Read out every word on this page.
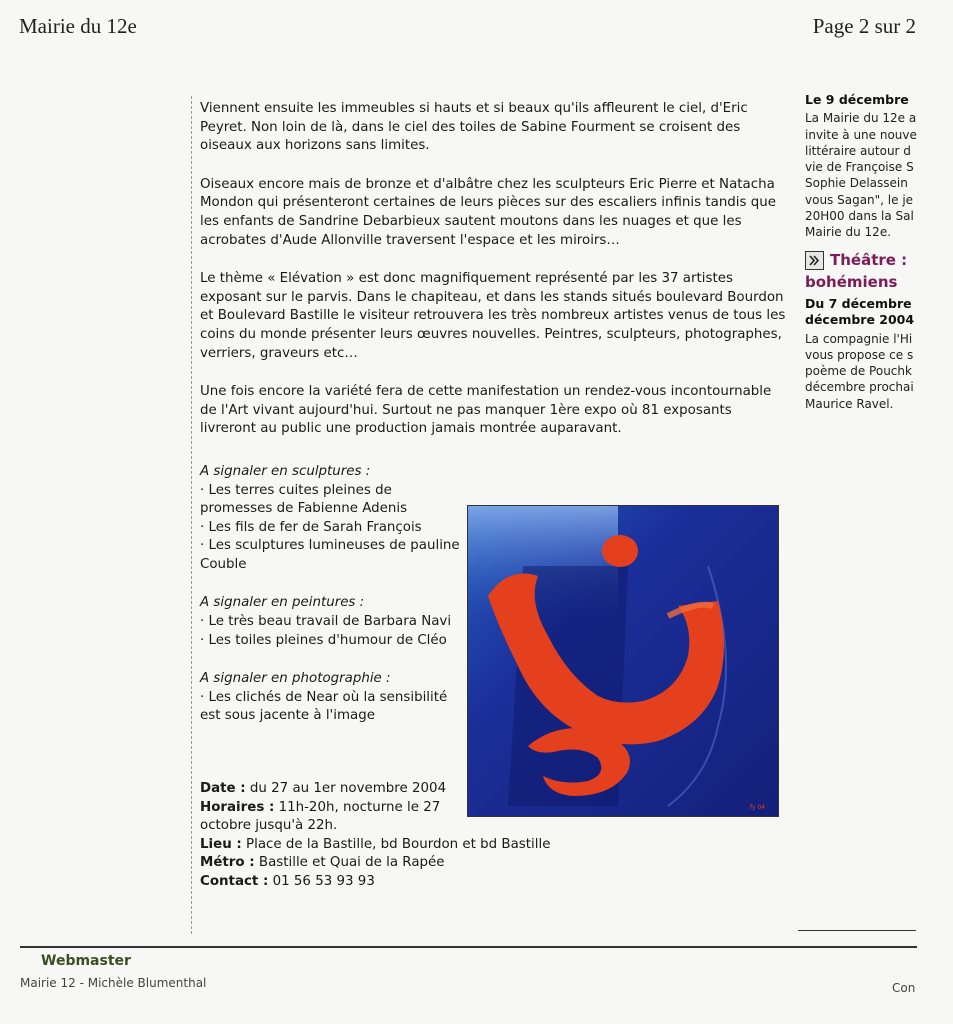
Mairie du 12e	Page 2 sur 2

Viennent ensuite les immeubles si hauts et si beaux qu'ils affleurent le ciel, d'Eric Peyret. Non loin de là, dans le ciel des toiles de Sabine Fourment se croisent des oiseaux aux horizons sans limites.

Oiseaux encore mais de bronze et d'albâtre chez les sculpteurs Eric Pierre et Natacha Mondon qui présenteront certaines de leurs pièces sur des escaliers infinis tandis que les enfants de Sandrine Debarbieux sautent moutons dans les nuages et que les acrobates d'Aude Allonville traversent l'espace et les miroirs…

Le thème « Elévation » est donc magnifiquement représenté par les 37 artistes exposant sur le parvis. Dans le chapiteau, et dans les stands situés boulevard Bourdon et Boulevard Bastille le visiteur retrouvera les très nombreux artistes venus de tous les coins du monde présenter leurs œuvres nouvelles. Peintres, sculpteurs, photographes, verriers, graveurs etc…

Une fois encore la variété fera de cette manifestation un rendez-vous incontournable de l'Art vivant aujourd'hui. Surtout ne pas manquer 1ère expo où 81 exposants livreront au public une production jamais montrée auparavant.

A signaler en sculptures :
· Les terres cuites pleines de promesses de Fabienne Adenis
· Les fils de fer de Sarah François
· Les sculptures lumineuses de pauline Couble
A signaler en peintures :
· Le très beau travail de Barbara Navi
· Les toiles pleines d'humour de Cléo
A signaler en photographie :
· Les clichés de Near où la sensibilité est sous jacente à l'image
Date : du 27 au 1er novembre 2004
Horaires : 11h-20h, nocturne le 27
octobre jusqu'à 22h.
Lieu : Place de la Bastille, bd Bourdon et bd Bastille
Métro : Bastille et Quai de la Rapée
Contact : 01 56 53 93 93
fy 04
Le 9 décembre
La Mairie du 12e a
invite à une nouve
littéraire autour d
vie de Françoise S
Sophie Delassein
vous Sagan", le je
20H00 dans la Sal
Mairie du 12e.
Théâtre :
bohémiens
Du 7 décembre
décembre 2004
La compagnie l'Hi
vous propose ce s
poème de Pouchk
décembre prochai
Maurice Ravel.
Webmaster
Mairie 12 - Michèle Blumenthal	Con
